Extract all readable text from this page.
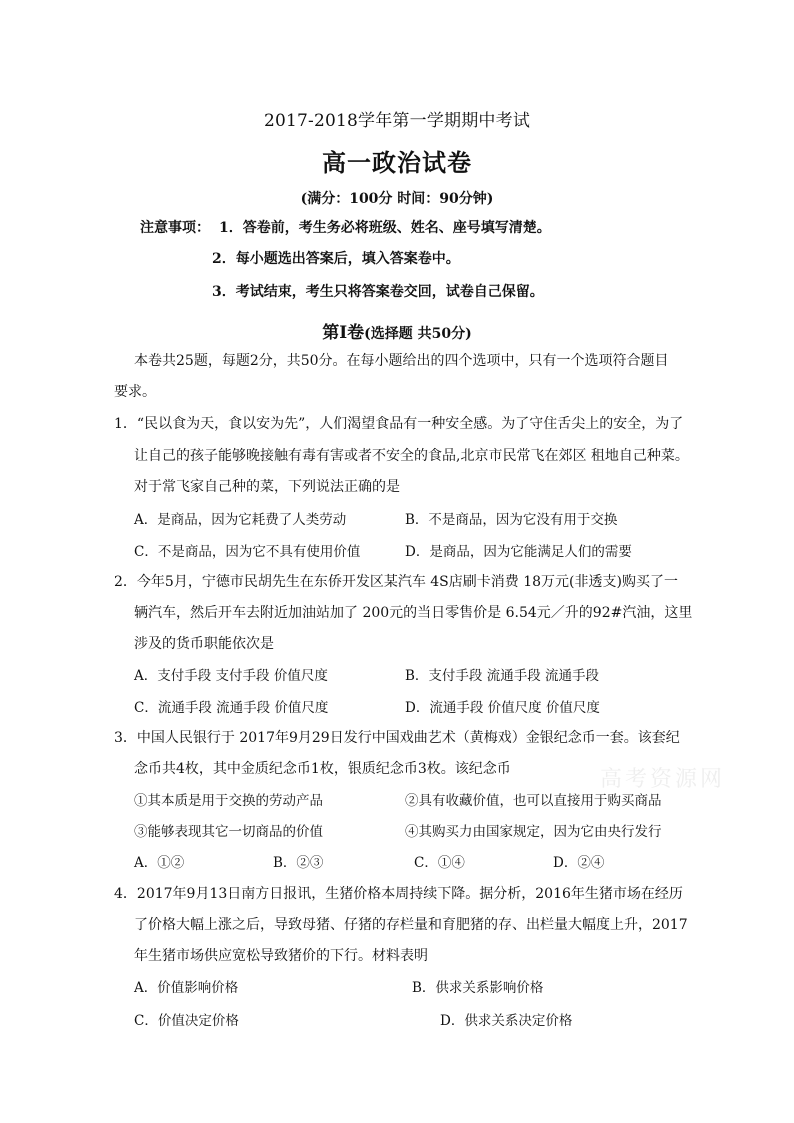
2017-2018学年第一学期期中考试
高一政治试卷
(满分：100分 时间：90分钟)
注意事项： 1．答卷前，考生务必将班级、姓名、座号填写清楚。
2．每小题选出答案后，填入答案卷中。
3．考试结束，考生只将答案卷交回，试卷自己保留。
第Ⅰ卷(选择题 共50分)
本卷共25题，每题2分，共50分。在每小题给出的四个选项中，只有一个选项符合题目
要求。
1．“民以食为天，食以安为先”，人们渴望食品有一种安全感。为了守住舌尖上的安全，为了
让自己的孩子能够晚接触有毒有害或者不安全的食品,北京市民常飞在郊区 租地自己种菜。
对于常飞家自己种的菜，下列说法正确的是
A．是商品，因为它耗费了人类劳动	B．不是商品，因为它没有用于交换
C．不是商品，因为它不具有使用价值	D．是商品，因为它能满足人们的需要
2．今年5月，宁德市民胡先生在东侨开发区某汽车 4S店刷卡消费 18万元(非透支)购买了一
辆汽车，然后开车去附近加油站加了 200元的当日零售价是 6.54元／升的92#汽油，这里
涉及的货币职能依次是
A．支付手段 支付手段 价值尺度	B．支付手段 流通手段 流通手段
C．流通手段 流通手段 价值尺度	D．流通手段 价值尺度 价值尺度
3．中国人民银行于 2017年9月29日发行中国戏曲艺术（黄梅戏）金银纪念币一套。该套纪
念币共4枚，其中金质纪念币1枚，银质纪念币3枚。该纪念币	高考资源网
①其本质是用于交换的劳动产品	②具有收藏价值，也可以直接用于购买商品
③能够表现其它一切商品的价值	④其购买力由国家规定，因为它由央行发行
A．①②	B．②③	C．①④	D．②④
4．2017年9月13日南方日报讯，生猪价格本周持续下降。据分析，2016年生猪市场在经历
了价格大幅上涨之后，导致母猪、仔猪的存栏量和育肥猪的存、出栏量大幅度上升，2017
年生猪市场供应宽松导致猪价的下行。材料表明
A．价值影响价格	B．供求关系影响价格
C．价值决定价格	D．供求关系决定价格
